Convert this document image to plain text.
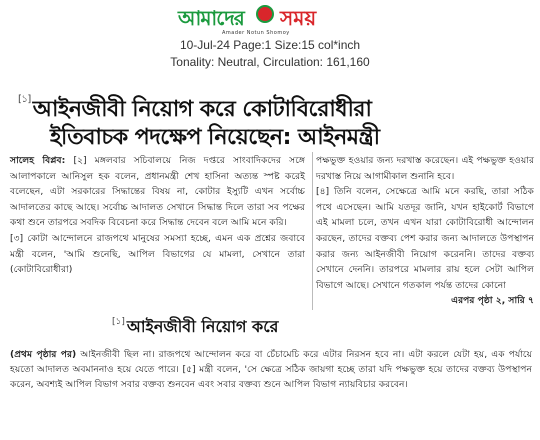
আমাদের সময়
Amader Notun Shomoy
10-Jul-24 Page:1 Size:15 col*inch
Tonality: Neutral, Circulation: 161,160
[১]আইনজীবী নিয়োগ করে কোটাবিরোধীরা
ইতিবাচক পদক্ষেপ নিয়েছেন: আইনমন্ত্রী

সালেহ বিপ্লব: [২] মঙ্গলবার সচিবালয়ে নিজ দপ্তরে সাংবাদিকদের সঙ্গে আলাপকালে আনিসুল হক বলেন, প্রধানমন্ত্রী শেখ হাসিনা অত্যন্ত স্পষ্ট করেই বলেছেন, এটা সরকারের সিদ্ধান্তের বিষয় না, কোটার ইস্যুটি এখন সর্বোচ্চ আদালতের কাছে আছে। সর্বোচ্চ আদালত সেখানে সিদ্ধান্ত দিলে তারা সব পক্ষের কথা শুনে তারপরে সবদিক বিবেচনা করে সিদ্ধান্ত দেবেন বলে আমি মনে করি।

[৩] কোটা আন্দোলনে রাজপথে মানুষের সমস্যা হচ্ছে, এমন এক প্রশ্নের জবাবে মন্ত্রী বলেন, 'আমি শুনেছি, আপিল বিভাগের যে মামলা, সেখানে তারা (কোটাবিরোধীরা)

পক্ষভুক্ত হওয়ার জন্য দরখাস্ত করেছেন। এই পক্ষভুক্ত হওয়ার দরখাস্ত নিয়ে আগামীকাল শুনানি হবে।

[৪] তিনি বলেন, সেক্ষেত্রে আমি মনে করছি, তারা সঠিক পথে এসেছেন। আমি যতদূর জানি, যখন হাইকোর্ট বিভাগে এই মামলা চলে, তখন এখন যারা কোটাবিরোধী আন্দোলন করছেন, তাদের বক্তব্য পেশ করার জন্য আদালতে উপস্থাপন করার জন্য আইনজীবী নিয়োগ করেননি। তাদের বক্তব্য সেখানে দেননি। তারপরে মামলার রায় হলে সেটা আপিল বিভাগে আছে। সেখানে গতকাল পর্যন্ত তাদের কোনো

এরপর পৃষ্ঠা ২, সারি ৭

[১] আইনজীবী নিয়োগ করে

(প্রথম পৃষ্ঠার পর) আইনজীবী ছিল না। রাজপথে আন্দোলন করে বা চেঁচামেচি করে এটার নিরসন হবে না। এটা করলে যেটা হয়, এক পর্যায়ে হয়তো আদালত অবমাননাও হয়ে যেতে পারে। [৫] মন্ত্রী বলেন, 'সে ক্ষেত্রে সঠিক জায়গা হচ্ছে তারা যদি পক্ষভুক্ত হয়ে তাদের বক্তব্য উপস্থাপন করেন, অবশ্যই আপিল বিভাগ সবার বক্তব্য শুনবেন এবং সবার বক্তব্য শুনে আপিল বিভাগ ন্যায়বিচার করবেন।
